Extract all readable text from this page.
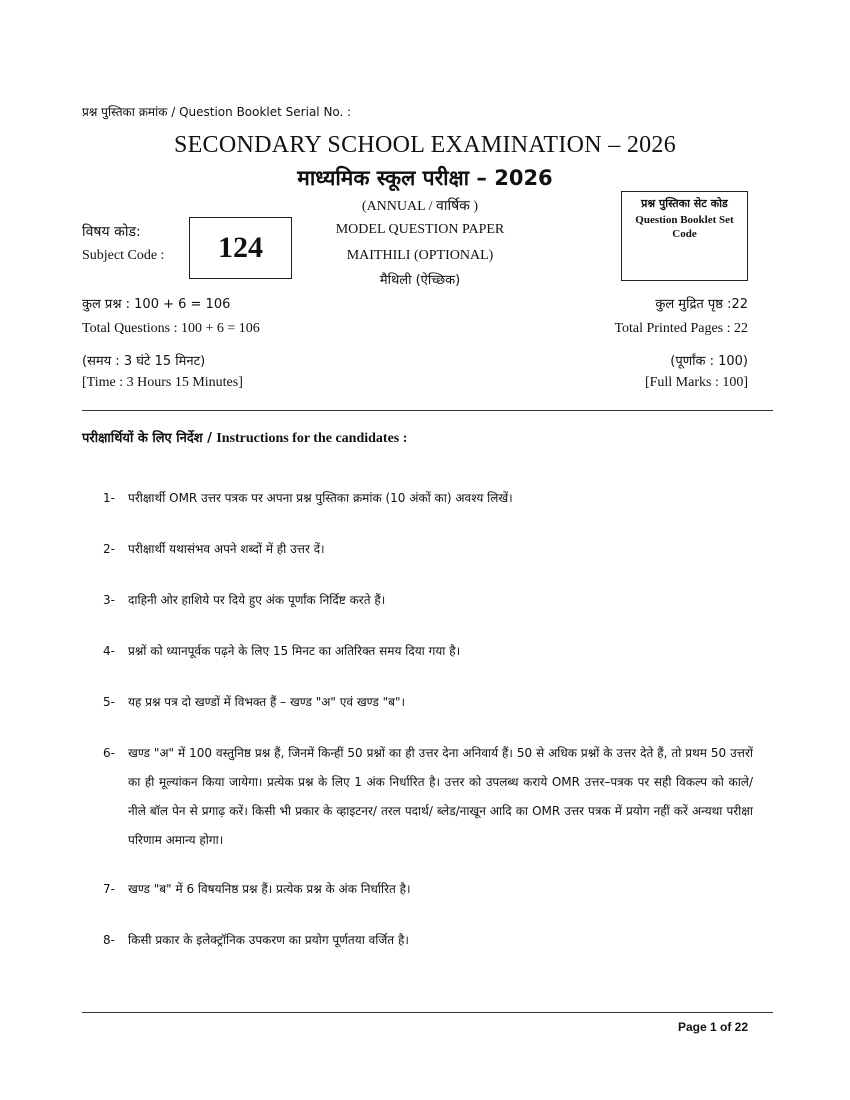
प्रश्न पुस्तिका क्रमांक / Question Booklet Serial No. :
SECONDARY SCHOOL EXAMINATION – 2026
माध्यमिक स्कूल परीक्षा – 2026
(ANNUAL / वार्षिक )
MODEL QUESTION PAPER
MAITHILI (OPTIONAL)
मैथिली (ऐच्छिक)
विषय कोड:
Subject Code :	124
प्रश्न पुस्तिका सेट कोड
Question Booklet Set Code
कुल प्रश्न : 100 + 6 = 106	कुल मुद्रित पृष्ठ :22
Total Questions : 100 + 6 = 106	Total Printed Pages : 22
(समय : 3 घंटे 15 मिनट)	(पूर्णांक : 100)
[Time : 3 Hours 15 Minutes]	[Full Marks : 100]
परीक्षार्थियों के लिए निर्देश / Instructions for the candidates :
1-	परीक्षार्थी OMR उत्तर पत्रक पर अपना प्रश्न पुस्तिका क्रमांक (10 अंकों का) अवश्य लिखें।
2-	परीक्षार्थी यथासंभव अपने शब्दों में ही उत्तर दें।
3-	दाहिनी ओर हाशिये पर दिये हुए अंक पूर्णांक निर्दिष्ट करते हैं।
4-	प्रश्नों को ध्यानपूर्वक पढ़ने के लिए 15 मिनट का अतिरिक्त समय दिया गया है।
5-	यह प्रश्न पत्र दो खण्डों में विभक्त हैं – खण्ड "अ" एवं खण्ड "ब"।
6-	खण्ड "अ" में 100 वस्तुनिष्ठ प्रश्न हैं, जिनमें किन्हीं 50 प्रश्नों का ही उत्तर देना अनिवार्य हैं। 50 से अधिक प्रश्नों के उत्तर देते हैं, तो प्रथम 50 उत्तरों का ही मूल्यांकन किया जायेगा। प्रत्येक प्रश्न के लिए 1 अंक निर्धारित है। उत्तर को उपलब्ध कराये OMR उत्तर–पत्रक पर सही विकल्प को काले/नीले बॉल पेन से प्रगाढ़ करें। किसी भी प्रकार के व्हाइटनर/ तरल पदार्थ/ ब्लेड/नाखून आदि का OMR उत्तर पत्रक में प्रयोग नहीं करें अन्यथा परीक्षा परिणाम अमान्य होगा।
7-	खण्ड "ब" में 6 विषयनिष्ठ प्रश्न हैं। प्रत्येक प्रश्न के अंक निर्धारित है।
8-	किसी प्रकार के इलेक्ट्रॉनिक उपकरण का प्रयोग पूर्णतया वर्जित है।
Page 1 of 22
